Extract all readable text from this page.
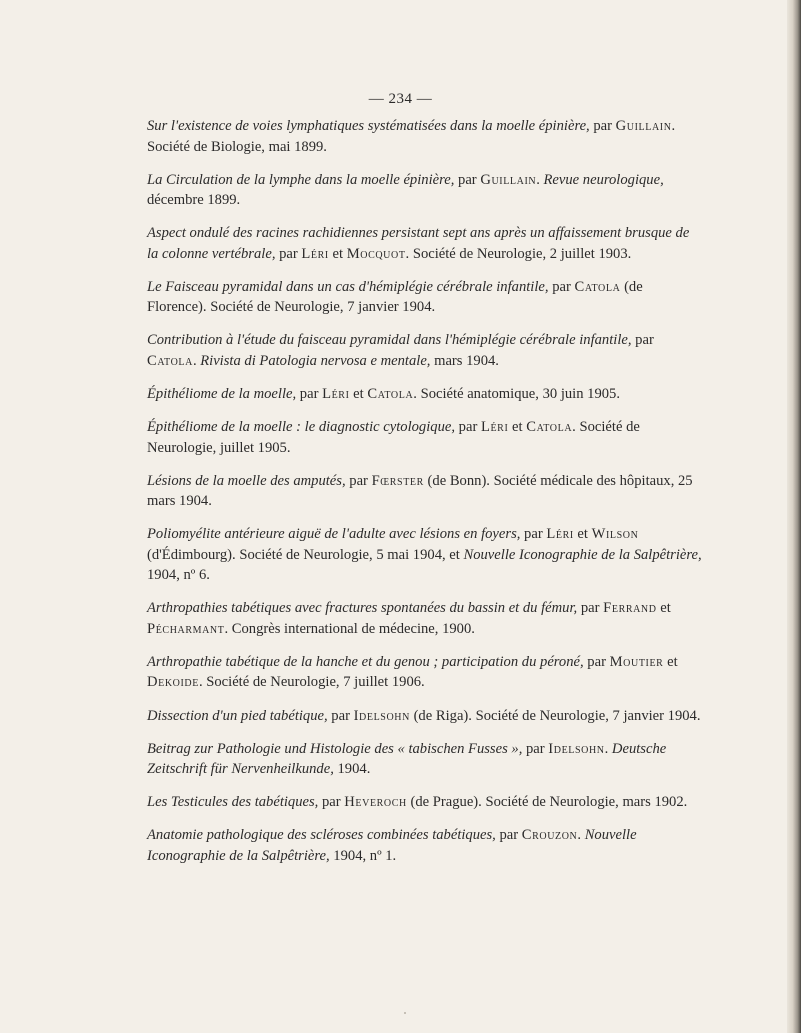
— 234 —

Sur l'existence de voies lymphatiques systématisées dans la moelle épinière, par Guillain. Société de Biologie, mai 1899.

La Circulation de la lymphe dans la moelle épinière, par Guillain. Revue neurologique, décembre 1899.

Aspect ondulé des racines rachidiennes persistant sept ans après un affaissement brusque de la colonne vertébrale, par Léri et Mocquot. Société de Neurologie, 2 juillet 1903.

Le Faisceau pyramidal dans un cas d'hémiplégie cérébrale infantile, par Catola (de Florence). Société de Neurologie, 7 janvier 1904.

Contribution à l'étude du faisceau pyramidal dans l'hémiplégie cérébrale infantile, par Catola. Rivista di Patologia nervosa e mentale, mars 1904.

Épithéliome de la moelle, par Léri et Catola. Société anatomique, 30 juin 1905.

Épithéliome de la moelle : le diagnostic cytologique, par Léri et Catola. Société de Neurologie, juillet 1905.

Lésions de la moelle des amputés, par Fœrster (de Bonn). Société médicale des hôpitaux, 25 mars 1904.

Poliomyélite antérieure aiguë de l'adulte avec lésions en foyers, par Léri et Wilson (d'Édimbourg). Société de Neurologie, 5 mai 1904, et Nouvelle Iconographie de la Salpêtrière, 1904, nº 6.

Arthropathies tabétiques avec fractures spontanées du bassin et du fémur, par Ferrand et Pécharmant. Congrès international de médecine, 1900.

Arthropathie tabétique de la hanche et du genou ; participation du péroné, par Moutier et Dekoide. Société de Neurologie, 7 juillet 1906.

Dissection d'un pied tabétique, par Idelsohn (de Riga). Société de Neurologie, 7 janvier 1904.

Beitrag zur Pathologie und Histologie des « tabischen Fusses », par Idelsohn. Deutsche Zeitschrift für Nervenheilkunde, 1904.

Les Testicules des tabétiques, par Heveroch (de Prague). Société de Neurologie, mars 1902.

Anatomie pathologique des scléroses combinées tabétiques, par Crouzon. Nouvelle Iconographie de la Salpêtrière, 1904, nº 1.
